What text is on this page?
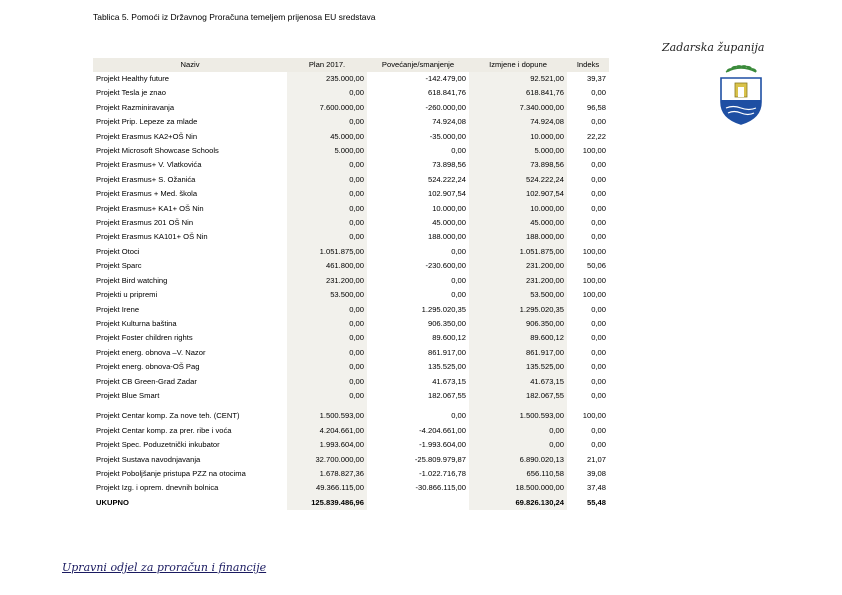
Tablica 5. Pomoći iz Državnog Proračuna temeljem prijenosa EU sredstava
Zadarska županija
Naziv	Plan 2017.	Povećanje/smanjenje	Izmjene i dopune	Indeks
Projekt Healthy future	235.000,00	-142.479,00	92.521,00	39,37
Projekt Tesla je znao	0,00	618.841,76	618.841,76	0,00
Projekt Razminiravanja	7.600.000,00	-260.000,00	7.340.000,00	96,58
Projekt Prip. Lepeze za mlade	0,00	74.924,08	74.924,08	0,00
Projekt Erasmus KA2+OŠ Nin	45.000,00	-35.000,00	10.000,00	22,22
Projekt Microsoft Showcase Schools	5.000,00	0,00	5.000,00	100,00
Projekt Erasmus+ V. Vlatkovića	0,00	73.898,56	73.898,56	0,00
Projekt Erasmus+ S. Ožanića	0,00	524.222,24	524.222,24	0,00
Projekt Erasmus + Med. škola	0,00	102.907,54	102.907,54	0,00
Projekt Erasmus+ KA1+ OŠ Nin	0,00	10.000,00	10.000,00	0,00
Projekt Erasmus 201 OŠ Nin	0,00	45.000,00	45.000,00	0,00
Projekt Erasmus KA101+ OŠ Nin	0,00	188.000,00	188.000,00	0,00
Projekt Otoci	1.051.875,00	0,00	1.051.875,00	100,00
Projekt Sparc	461.800,00	-230.600,00	231.200,00	50,06
Projekt Bird watching	231.200,00	0,00	231.200,00	100,00
Projekti u pripremi	53.500,00	0,00	53.500,00	100,00
Projekt Irene	0,00	1.295.020,35	1.295.020,35	0,00
Projekt Kulturna baština	0,00	906.350,00	906.350,00	0,00
Projekt Foster children rights	0,00	89.600,12	89.600,12	0,00
Projekt energ. obnova –V. Nazor	0,00	861.917,00	861.917,00	0,00
Projekt energ. obnova-OŠ Pag	0,00	135.525,00	135.525,00	0,00
Projekt CB Green-Grad Zadar	0,00	41.673,15	41.673,15	0,00
Projekt Blue Smart	0,00	182.067,55	182.067,55	0,00

Projekt Centar komp. Za nove teh. (CENT)	1.500.593,00	0,00	1.500.593,00	100,00
Projekt Centar komp. za prer. ribe i voća	4.204.661,00	-4.204.661,00	0,00	0,00
Projekt Spec. Poduzetnički inkubator	1.993.604,00	-1.993.604,00	0,00	0,00
Projekt Sustava navodnjavanja	32.700.000,00	-25.809.979,87	6.890.020,13	21,07
Projekt Poboljšanje pristupa PZZ na otocima	1.678.827,36	-1.022.716,78	656.110,58	39,08
Projekt Izg. i oprem. dnevnih bolnica	49.366.115,00	-30.866.115,00	18.500.000,00	37,48
UKUPNO	125.839.486,96		69.826.130,24	55,48
Upravni odjel za proračun i financije
